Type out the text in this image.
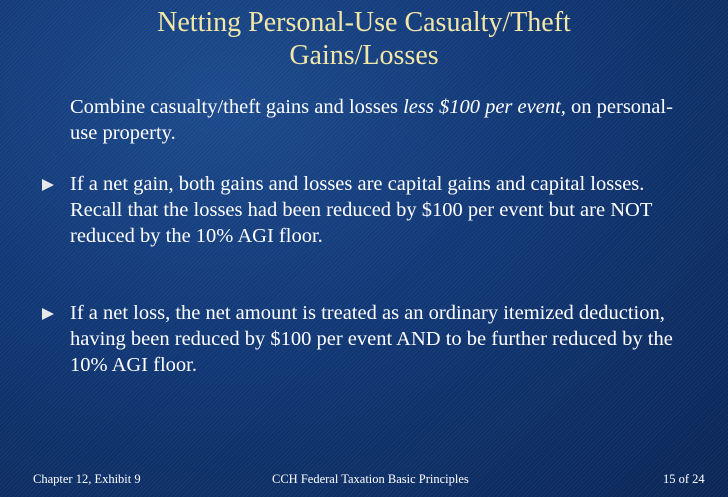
Netting Personal-Use Casualty/Theft
Gains/Losses
Combine casualty/theft gains and losses less $100 per event, on personal-use property.
If a net gain, both gains and losses are capital gains and capital losses. Recall that the losses had been reduced by $100 per event but are NOT reduced by the 10% AGI floor.
If a net loss, the net amount is treated as an ordinary itemized deduction, having been reduced by $100 per event AND to be further reduced by the 10% AGI floor.
Chapter 12, Exhibit 9	CCH Federal Taxation Basic Principles	15 of 24
